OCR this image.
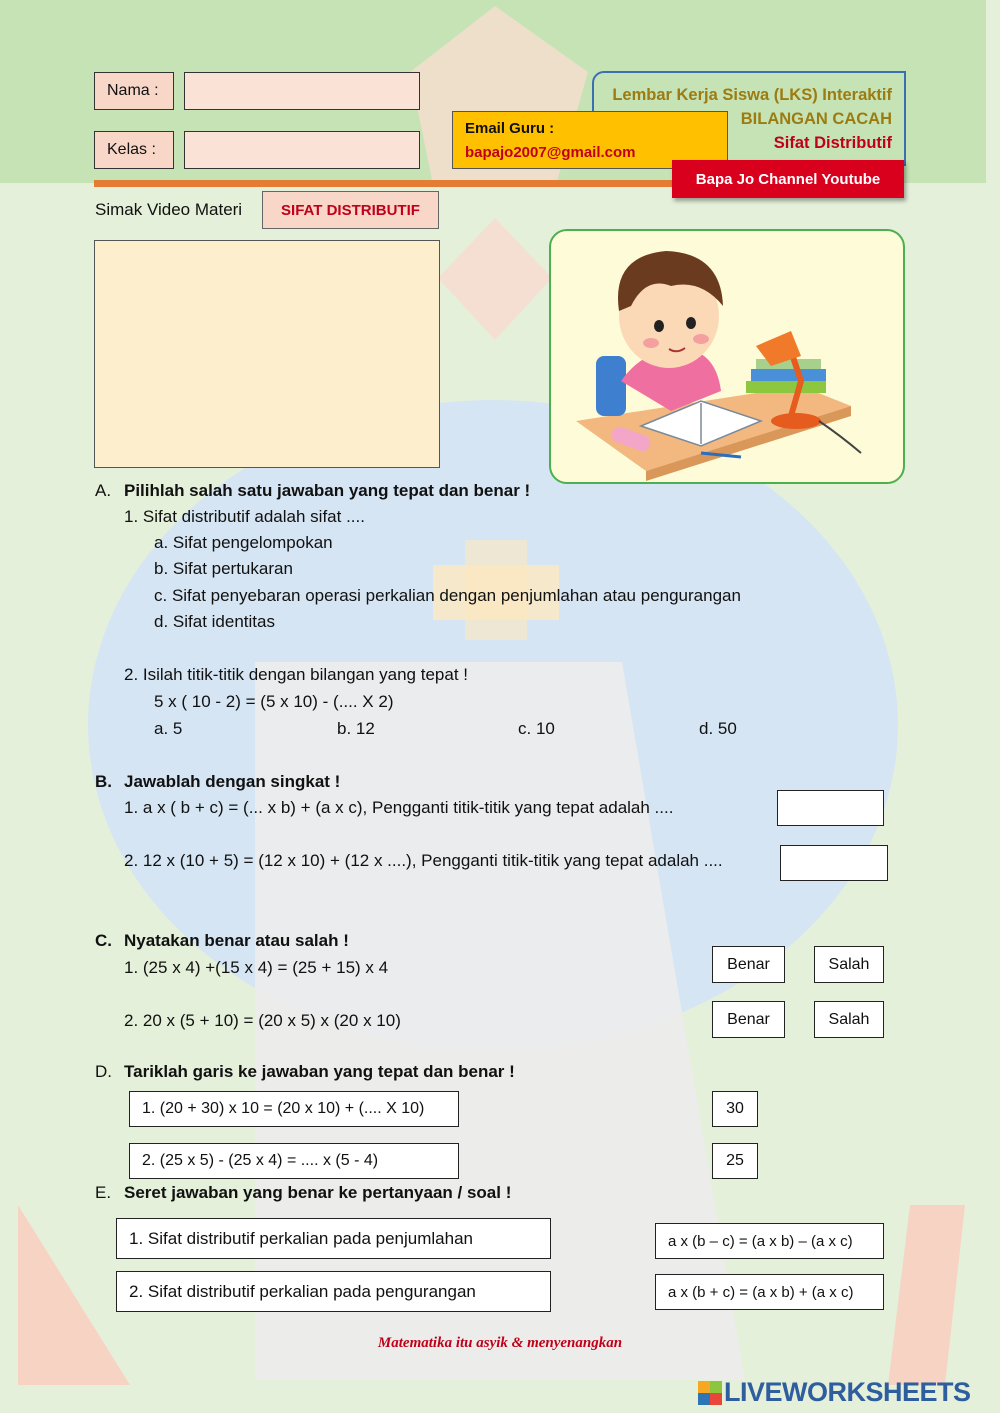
Nama :
Kelas :
Lembar Kerja Siswa (LKS) Interaktif
BILANGAN CACAH
Sifat Distributif
Email Guru :
bapajo2007@gmail.com
Bapa Jo Channel Youtube
Simak Video Materi	SIFAT DISTRIBUTIF
A. Pilihlah salah satu jawaban yang tepat dan benar !
1. Sifat distributif adalah sifat ....
a. Sifat pengelompokan
b. Sifat pertukaran
c. Sifat penyebaran operasi perkalian dengan penjumlahan atau pengurangan
d. Sifat identitas
2. Isilah titik-titik dengan bilangan yang tepat !
5 x ( 10 - 2) = (5 x 10) - (.... X 2)
a. 5	b. 12	c. 10	d. 50
B. Jawablah dengan singkat !
1. a x ( b + c) = (... x b) + (a x c), Pengganti titik-titik yang tepat adalah ....
2. 12 x (10 + 5) = (12 x 10) + (12 x ....), Pengganti titik-titik yang tepat adalah ....
C. Nyatakan benar atau salah !
1. (25 x 4) +(15 x 4) = (25 + 15) x 4	Benar	Salah
2. 20 x (5 + 10) = (20 x 5) x (20 x 10)	Benar	Salah
D. Tariklah garis ke jawaban yang tepat dan benar !
1. (20 + 30) x 10 = (20 x 10) + (.... X 10)
2. (25 x 5) - (25 x 4) = .... x (5 - 4)
30
25
E. Seret jawaban yang benar ke pertanyaan / soal !
1. Sifat distributif perkalian pada penjumlahan
2. Sifat distributif perkalian pada pengurangan
a x (b – c) = (a x b) – (a x c)
a x (b + c) = (a x b) + (a x c)
Matematika itu asyik & menyenangkan
LIVEWORKSHEETS
